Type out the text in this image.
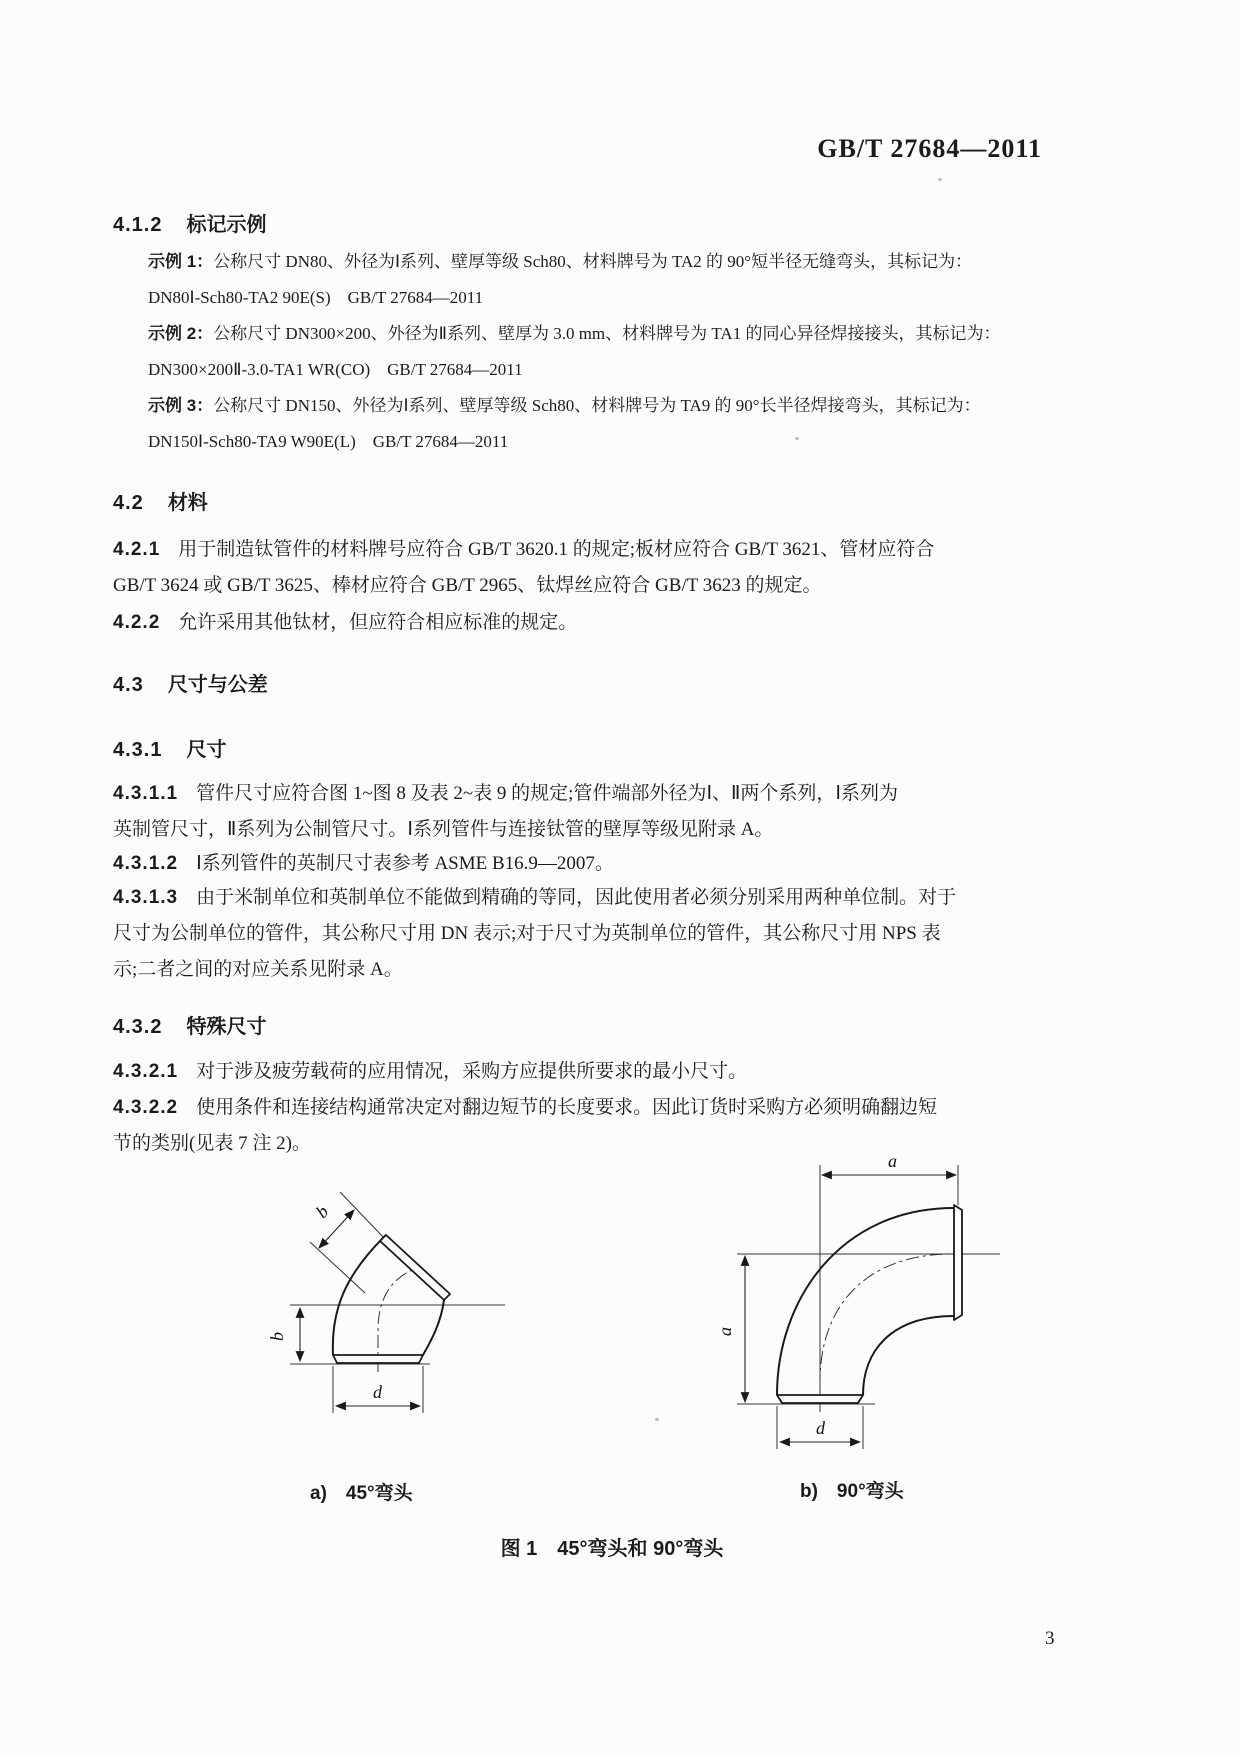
GB/T 27684—2011
4.1.2 标记示例
示例 1：公称尺寸 DN80、外径为Ⅰ系列、壁厚等级 Sch80、材料牌号为 TA2 的 90°短半径无缝弯头，其标记为：
DN80Ⅰ-Sch80-TA2 90E(S)　GB/T 27684—2011
示例 2：公称尺寸 DN300×200、外径为Ⅱ系列、壁厚为 3.0 mm、材料牌号为 TA1 的同心异径焊接接头，其标记为：
DN300×200Ⅱ-3.0-TA1 WR(CO)　GB/T 27684—2011
示例 3：公称尺寸 DN150、外径为Ⅰ系列、壁厚等级 Sch80、材料牌号为 TA9 的 90°长半径焊接弯头，其标记为：
DN150Ⅰ-Sch80-TA9 W90E(L)　GB/T 27684—2011
4.2 材料
4.2.1 用于制造钛管件的材料牌号应符合 GB/T 3620.1 的规定;板材应符合 GB/T 3621、管材应符合
GB/T 3624 或 GB/T 3625、棒材应符合 GB/T 2965、钛焊丝应符合 GB/T 3623 的规定。
4.2.2 允许采用其他钛材，但应符合相应标准的规定。
4.3 尺寸与公差
4.3.1 尺寸
4.3.1.1 管件尺寸应符合图 1~图 8 及表 2~表 9 的规定;管件端部外径为Ⅰ、Ⅱ两个系列，Ⅰ系列为
英制管尺寸，Ⅱ系列为公制管尺寸。Ⅰ系列管件与连接钛管的壁厚等级见附录 A。
4.3.1.2 Ⅰ系列管件的英制尺寸表参考 ASME B16.9—2007。
4.3.1.3 由于米制单位和英制单位不能做到精确的等同，因此使用者必须分别采用两种单位制。对于
尺寸为公制单位的管件，其公称尺寸用 DN 表示;对于尺寸为英制单位的管件，其公称尺寸用 NPS 表
示;二者之间的对应关系见附录 A。
4.3.2 特殊尺寸
4.3.2.1 对于涉及疲劳载荷的应用情况，采购方应提供所要求的最小尺寸。
4.3.2.2 使用条件和连接结构通常决定对翻边短节的长度要求。因此订货时采购方必须明确翻边短
节的类别(见表 7 注 2)。
b
b
d
a
a
d
a)　45°弯头	b)　90°弯头
图 1　45°弯头和 90°弯头
3
